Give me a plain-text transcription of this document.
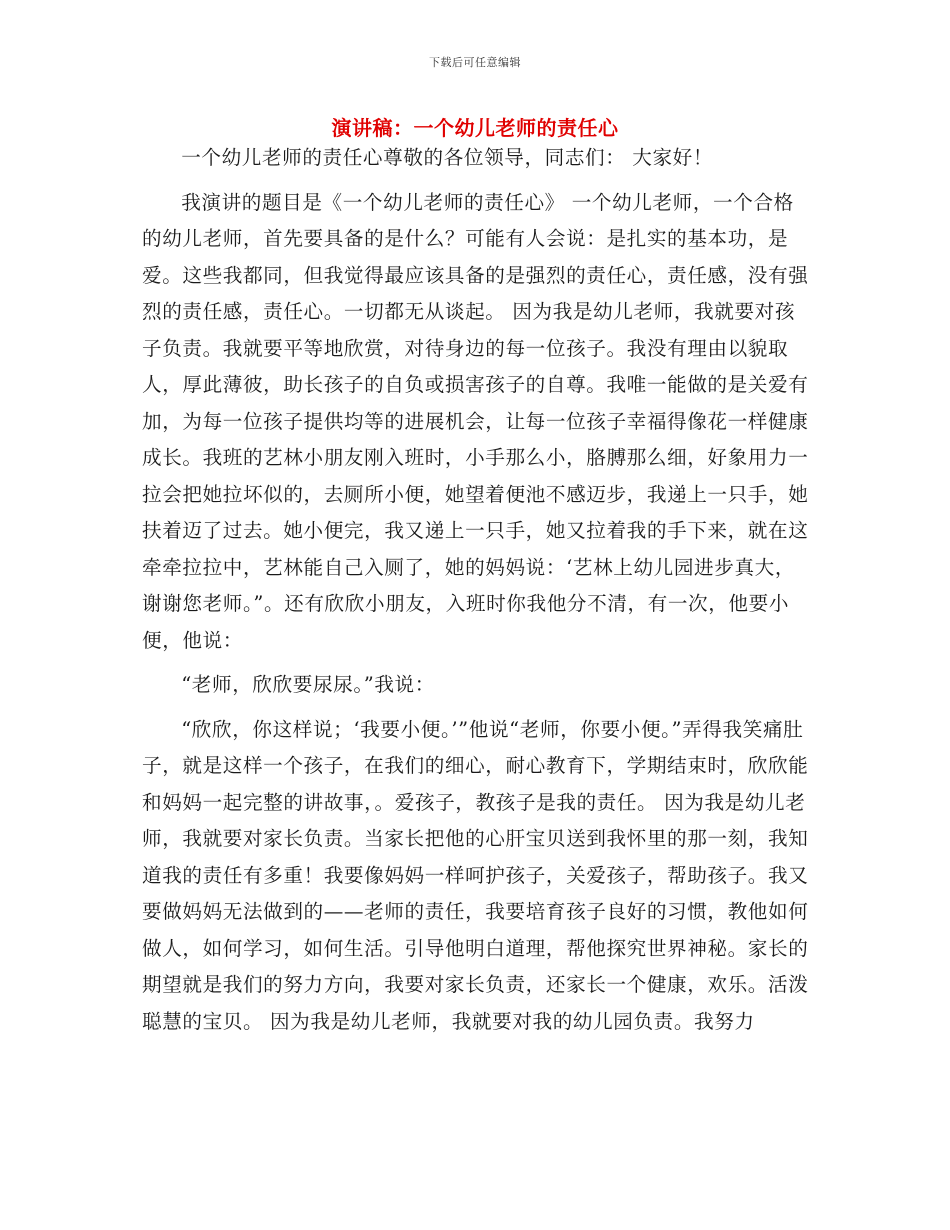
下载后可任意编辑
演讲稿：一个幼儿老师的责任心

一个幼儿老师的责任心尊敬的各位领导，同志们： 大家好！

我演讲的题目是《一个幼儿老师的责任心》 一个幼儿老师，一个合格的幼儿老师，首先要具备的是什么？可能有人会说：是扎实的基本功，是爱。这些我都同，但我觉得最应该具备的是强烈的责任心，责任感，没有强烈的责任感，责任心。一切都无从谈起。 因为我是幼儿老师，我就要对孩子负责。我就要平等地欣赏，对待身边的每一位孩子。我没有理由以貌取人，厚此薄彼，助长孩子的自负或损害孩子的自尊。我唯一能做的是关爱有加，为每一位孩子提供均等的进展机会，让每一位孩子幸福得像花一样健康成长。我班的艺林小朋友刚入班时，小手那么小，胳膊那么细，好象用力一拉会把她拉坏似的，去厕所小便，她望着便池不感迈步，我递上一只手，她扶着迈了过去。她小便完，我又递上一只手，她又拉着我的手下来，就在这牵牵拉拉中，艺林能自己入厕了，她的妈妈说：‘艺林上幼儿园进步真大，谢谢您老师。”。还有欣欣小朋友，入班时你我他分不清，有一次，他要小便，他说：

“老师，欣欣要尿尿。”我说：

“欣欣，你这样说；‘我要小便。’”他说“老师，你要小便。”弄得我笑痛肚子，就是这样一个孩子，在我们的细心，耐心教育下，学期结束时，欣欣能和妈妈一起完整的讲故事，。爱孩子，教孩子是我的责任。 因为我是幼儿老师，我就要对家长负责。当家长把他的心肝宝贝送到我怀里的那一刻，我知道我的责任有多重！我要像妈妈一样呵护孩子，关爱孩子，帮助孩子。我又要做妈妈无法做到的——老师的责任，我要培育孩子良好的习惯，教他如何做人，如何学习，如何生活。引导他明白道理，帮他探究世界神秘。家长的期望就是我们的努力方向，我要对家长负责，还家长一个健康，欢乐。活泼聪慧的宝贝。 因为我是幼儿老师，我就要对我的幼儿园负责。我努力
